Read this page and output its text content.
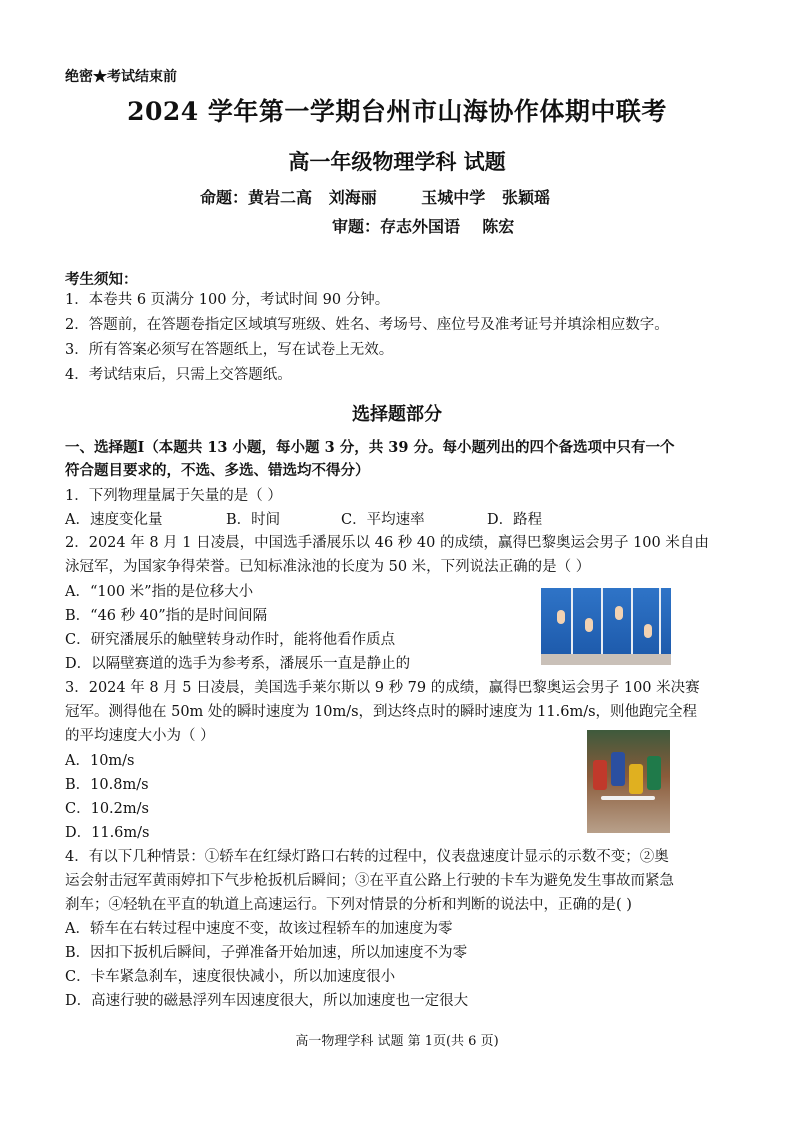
绝密★考试结束前
2024 学年第一学期台州市山海协作体期中联考
高一年级物理学科 试题
命题：黄岩二高   刘海丽        玉城中学   张颖瑶
审题：存志外国语    陈宏
考生须知：
1．本卷共 6 页满分 100 分，考试时间 90 分钟。
2．答题前，在答题卷指定区域填写班级、姓名、考场号、座位号及准考证号并填涂相应数字。
3．所有答案必须写在答题纸上，写在试卷上无效。
4．考试结束后，只需上交答题纸。
选择题部分
一、选择题Ⅰ（本题共 13 小题，每小题 3 分，共 39 分。每小题列出的四个备选项中只有一个
符合题目要求的，不选、多选、错选均不得分）
1．下列物理量属于矢量的是（ ）
A．速度变化量	B．时间	C．平均速率	D．路程
2．2024 年 8 月 1 日凌晨，中国选手潘展乐以 46 秒 40 的成绩，赢得巴黎奥运会男子 100 米自由
泳冠军，为国家争得荣誉。已知标准泳池的长度为 50 米，下列说法正确的是（ ）
A．“100 米”指的是位移大小
B．“46 秒 40”指的是时间间隔
C．研究潘展乐的触壁转身动作时，能将他看作质点
D．以隔壁赛道的选手为参考系，潘展乐一直是静止的
3．2024 年 8 月 5 日凌晨，美国选手莱尔斯以 9 秒 79 的成绩，赢得巴黎奥运会男子 100 米决赛
冠军。测得他在 50m 处的瞬时速度为 10m/s，到达终点时的瞬时速度为 11.6m/s，则他跑完全程
的平均速度大小为（ ）
A．10m/s
B．10.8m/s
C．10.2m/s
D．11.6m/s
4．有以下几种情景：①轿车在红绿灯路口右转的过程中，仪表盘速度计显示的示数不变；②奥
运会射击冠军黄雨婷扣下气步枪扳机后瞬间；③在平直公路上行驶的卡车为避免发生事故而紧急
刹车；④轻轨在平直的轨道上高速运行。下列对情景的分析和判断的说法中，正确的是( )
A．轿车在右转过程中速度不变，故该过程轿车的加速度为零
B．因扣下扳机后瞬间，子弹准备开始加速，所以加速度不为零
C．卡车紧急刹车，速度很快减小，所以加速度很小
D．高速行驶的磁悬浮列车因速度很大，所以加速度也一定很大
高一物理学科 试题 第 1页(共 6 页)
